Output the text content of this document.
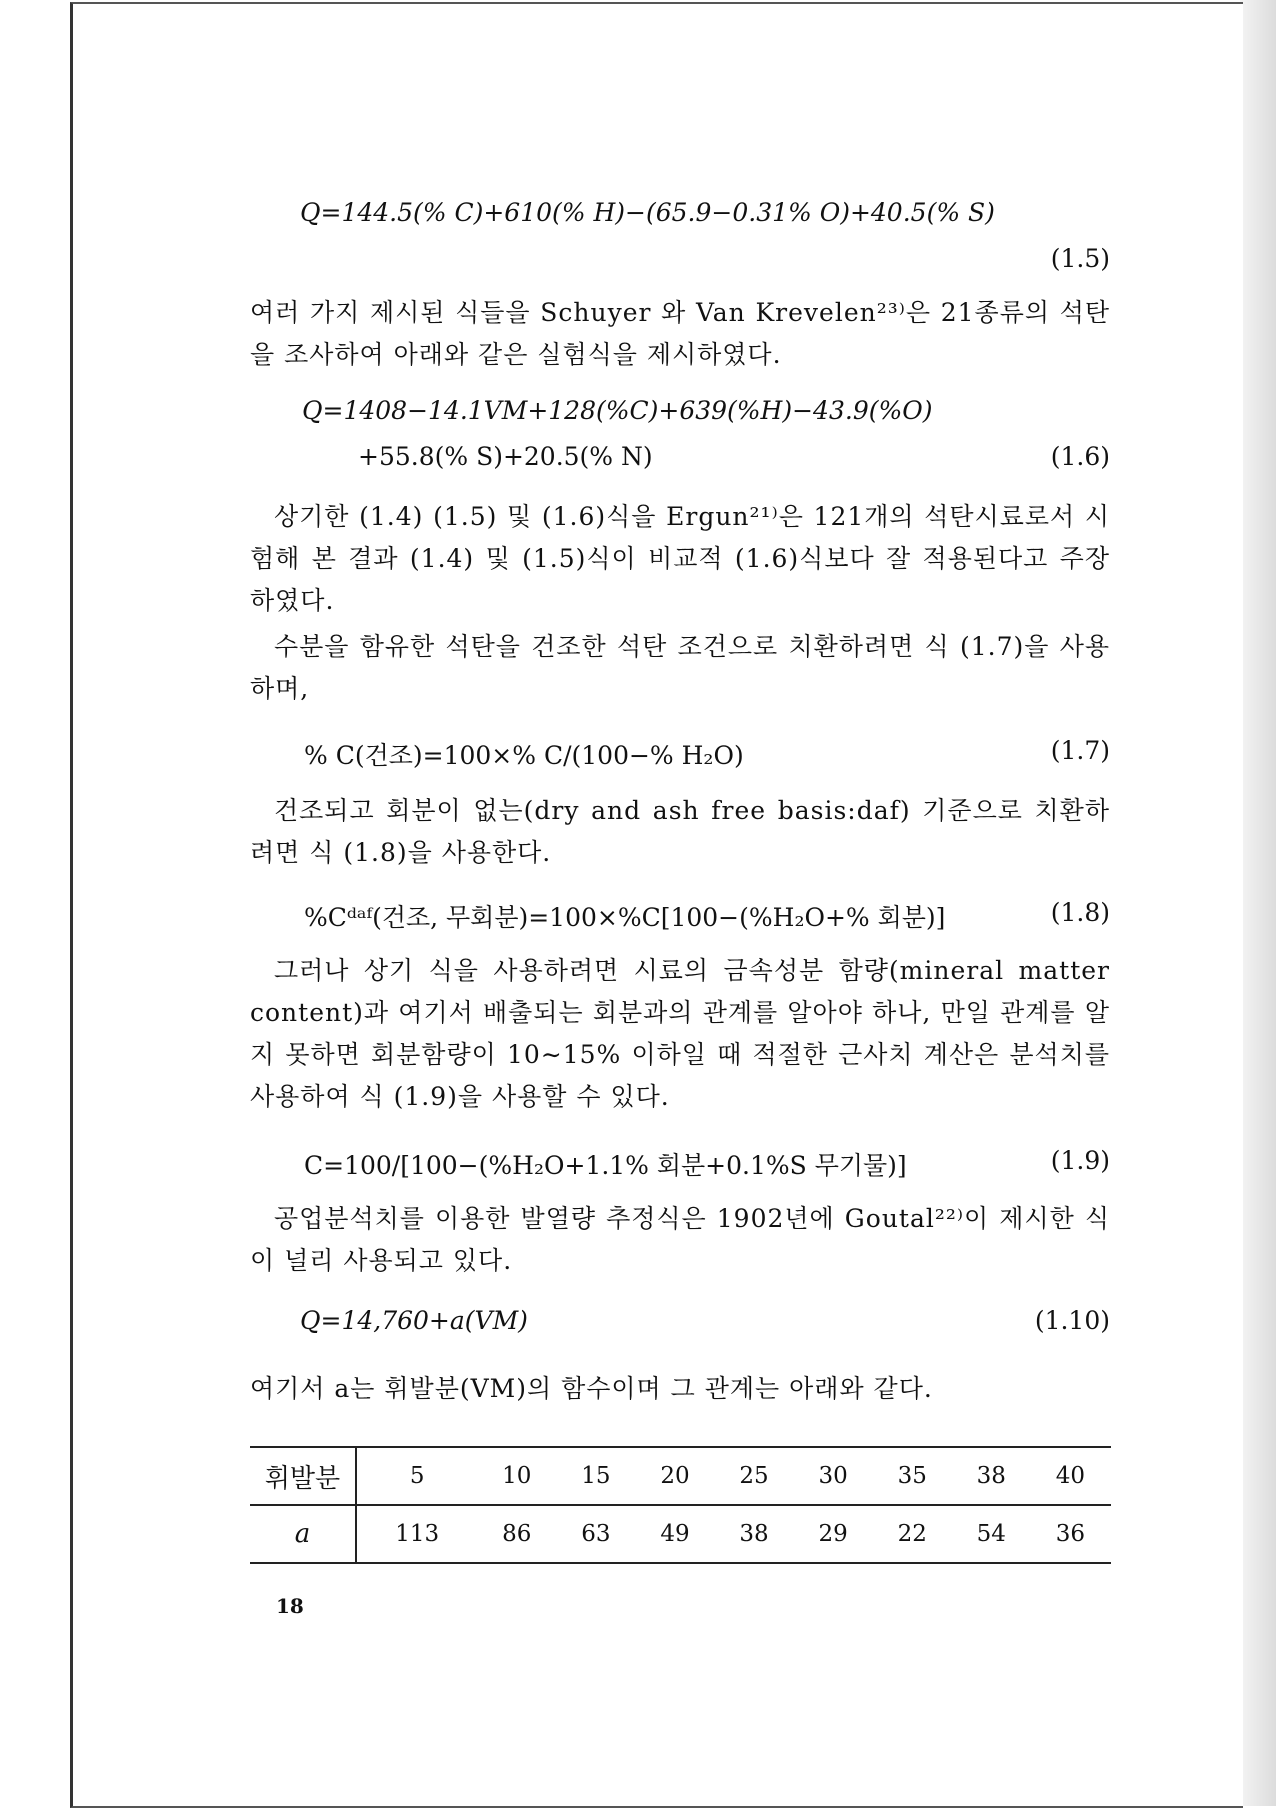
Q=144.5(% C)+610(% H)−(65.9−0.31% O)+40.5(% S)
(1.5)
여러 가지 제시된 식들을 Schuyer 와 Van Krevelen²³⁾은 21종류의 석탄을 조사하여 아래와 같은 실험식을 제시하였다.
Q=1408−14.1VM+128(%C)+639(%H)−43.9(%O)
+55.8(% S)+20.5(% N)	(1.6)
상기한 (1.4) (1.5) 및 (1.6)식을 Ergun²¹⁾은 121개의 석탄시료로서 시험해 본 결과 (1.4) 및 (1.5)식이 비교적 (1.6)식보다 잘 적용된다고 주장하였다.
수분을 함유한 석탄을 건조한 석탄 조건으로 치환하려면 식 (1.7)을 사용하며,
% C(건조)=100×% C/(100−% H₂O)	(1.7)
건조되고 회분이 없는(dry and ash free basis:daf) 기준으로 치환하려면 식 (1.8)을 사용한다.
%Cᵈᵃᶠ(건조, 무회분)=100×%C[100−(%H₂O+% 회분)]	(1.8)
그러나 상기 식을 사용하려면 시료의 금속성분 함량(mineral matter content)과 여기서 배출되는 회분과의 관계를 알아야 하나, 만일 관계를 알지 못하면 회분함량이 10∼15% 이하일 때 적절한 근사치 계산은 분석치를 사용하여 식 (1.9)을 사용할 수 있다.
C=100/[100−(%H₂O+1.1% 회분+0.1%S 무기물)]	(1.9)
공업분석치를 이용한 발열량 추정식은 1902년에 Goutal²²⁾이 제시한 식이 널리 사용되고 있다.
Q=14,760+a(VM)	(1.10)
여기서 a는 휘발분(VM)의 함수이며 그 관계는 아래와 같다.
휘발분	5	10	15	20	25	30	35	38	40	
a	113	86	63	49	38	29	22	54	36	
18
